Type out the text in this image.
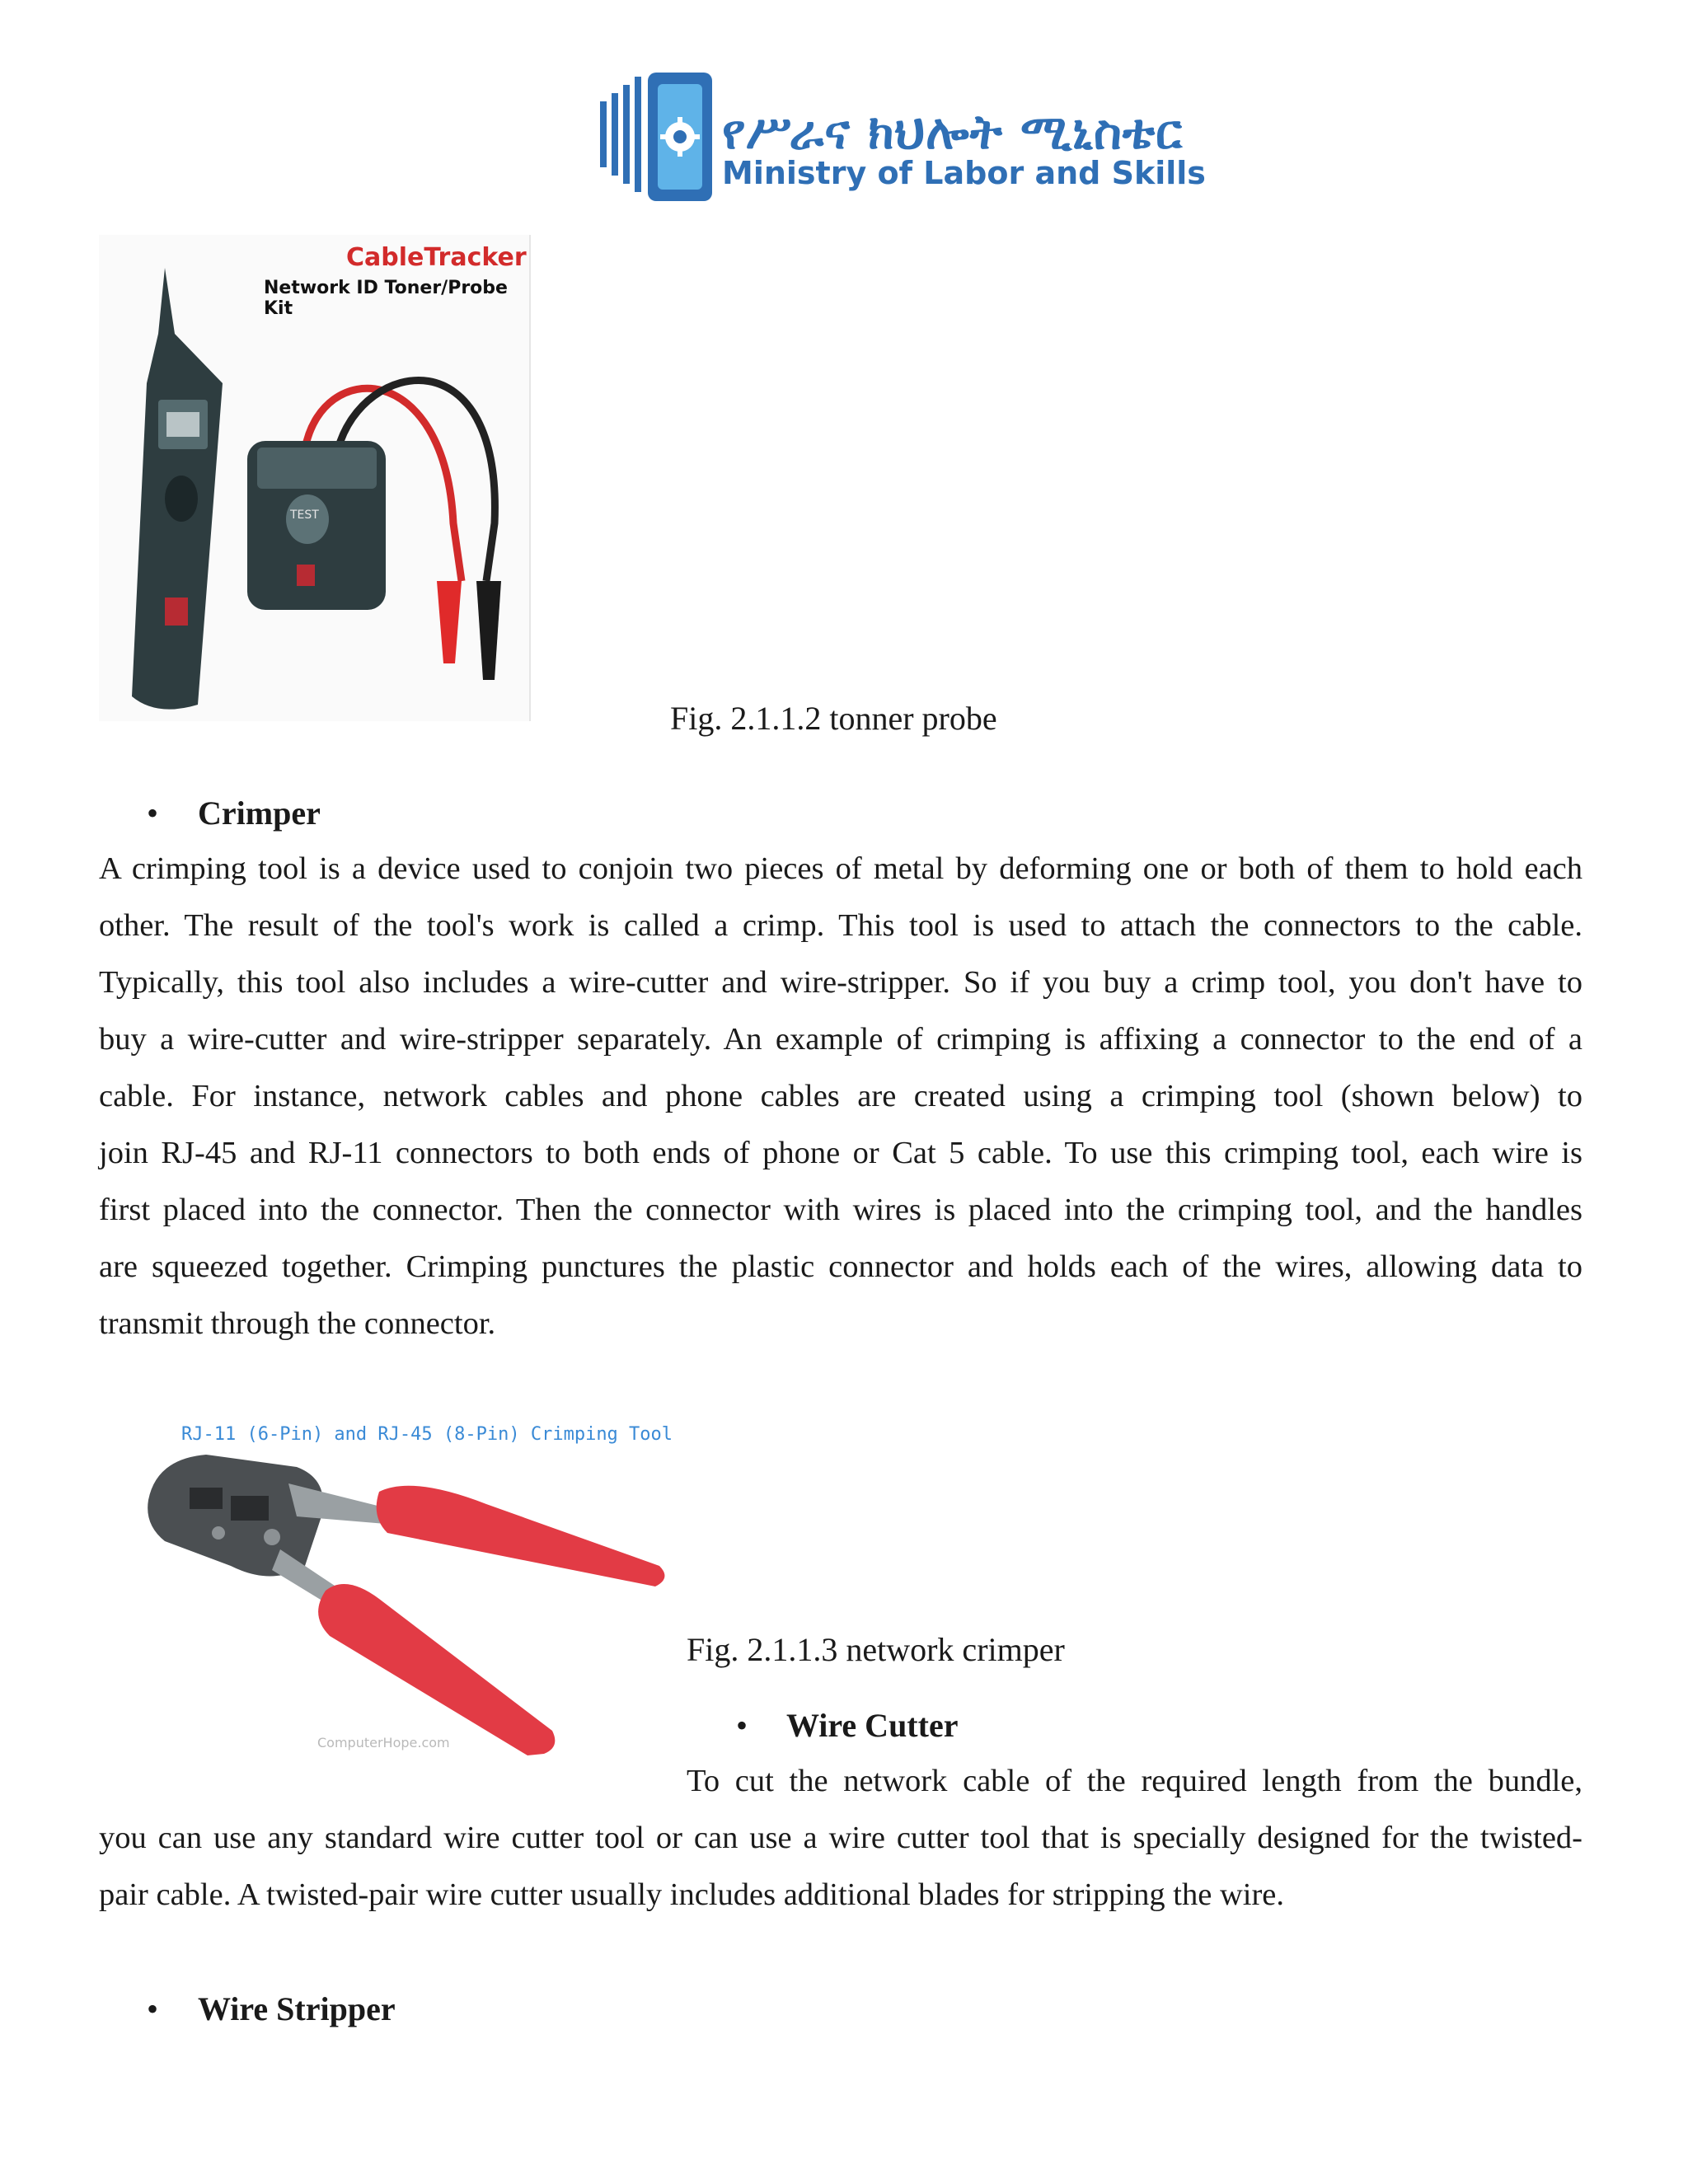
የሥራና ክህሎት ሚኒስቴር
Ministry of Labor and Skills
CableTracker
Network ID Toner/Probe Kit
TEST
Fig. 2.1.1.2 tonner probe
• Crimper
A crimping tool is a device used to conjoin two pieces of metal by deforming one or both of them to hold each
other. The result of the tool's work is called a crimp. This tool is used to attach the connectors to the cable.
Typically, this tool also includes a wire-cutter and wire-stripper. So if you buy a crimp tool, you don't have to
buy a wire-cutter and wire-stripper separately. An example of crimping is affixing a connector to the end of a
cable. For instance, network cables and phone cables are created using a crimping tool (shown below) to
join RJ-45 and RJ-11 connectors to both ends of phone or Cat 5 cable. To use this crimping tool, each wire is
first placed into the connector. Then the connector with wires is placed into the crimping tool, and the handles
are squeezed together. Crimping punctures the plastic connector and holds each of the wires, allowing data to
transmit through the connector.
RJ-11 (6-Pin) and RJ-45 (8-Pin) Crimping Tool
ComputerHope.com
Fig. 2.1.1.3 network crimper
• Wire Cutter
To cut the network cable of the required length from the bundle,
you can use any standard wire cutter tool or can use a wire cutter tool that is specially designed for the twisted-
pair cable. A twisted-pair wire cutter usually includes additional blades for stripping the wire.
• Wire Stripper
